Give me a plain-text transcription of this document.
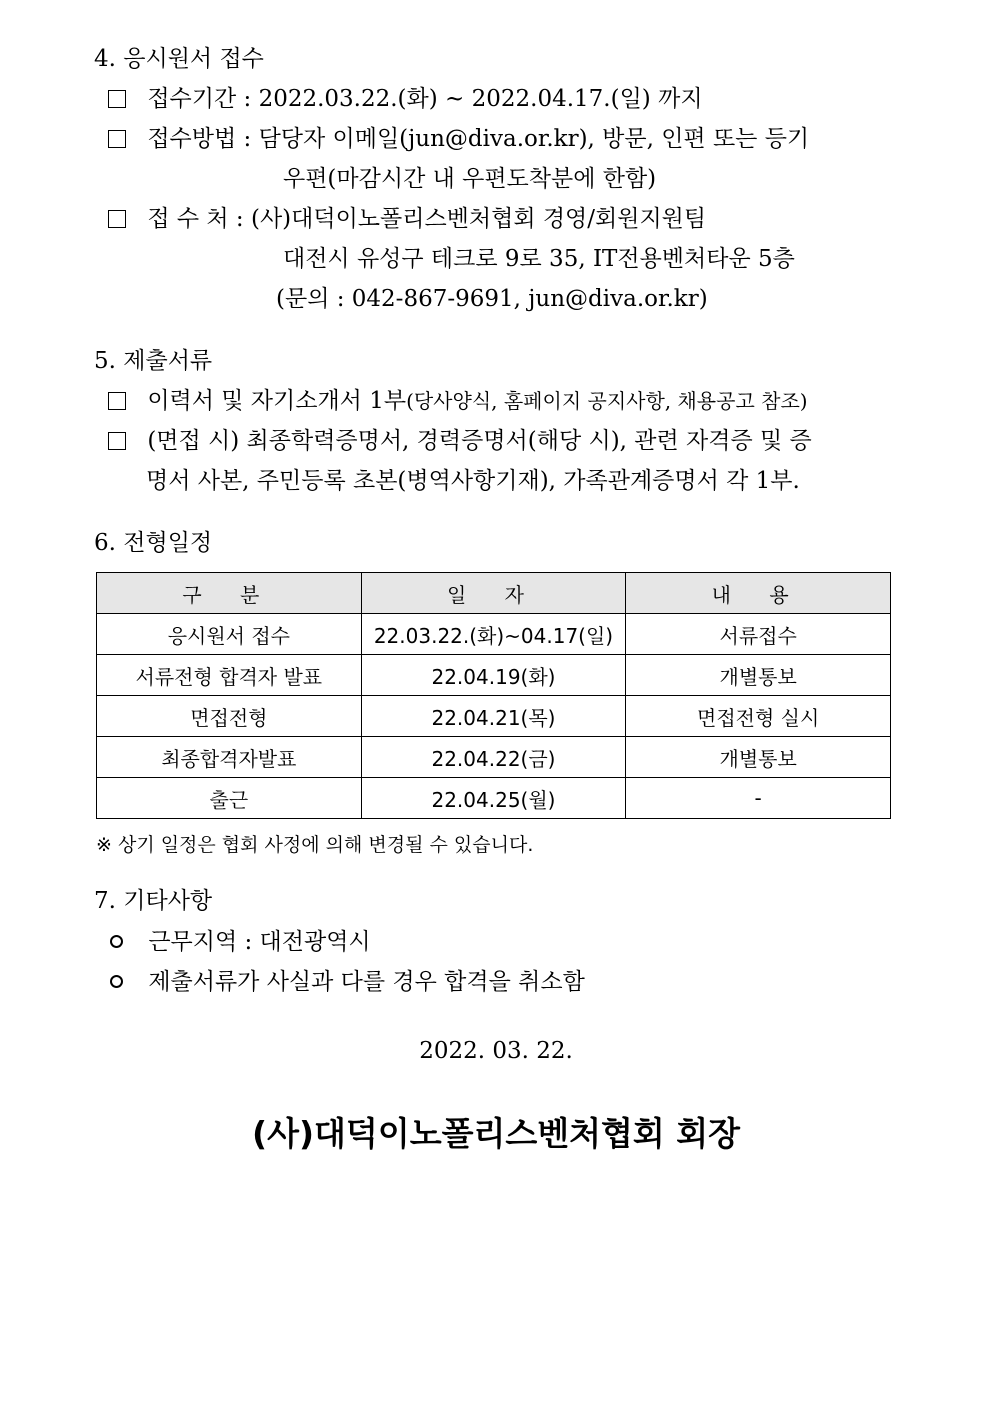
4. 응시원서 접수
접수기간 : 2022.03.22.(화) ~ 2022.04.17.(일) 까지
접수방법 : 담당자 이메일(jun@diva.or.kr), 방문, 인편 또는 등기
우편(마감시간 내 우편도착분에 한함)
접 수 처 : (사)대덕이노폴리스벤처협회 경영/회원지원팀
대전시 유성구 테크로 9로 35, IT전용벤처타운 5층
(문의 : 042-867-9691, jun@diva.or.kr)
5. 제출서류
이력서 및 자기소개서 1부(당사양식, 홈페이지 공지사항, 채용공고 참조)
(면접 시) 최종학력증명서, 경력증명서(해당 시), 관련 자격증 및 증
명서 사본, 주민등록 초본(병역사항기재), 가족관계증명서 각 1부.
6. 전형일정
구 분	일 자	내 용
응시원서 접수	22.03.22.(화)~04.17(일)	서류접수
서류전형 합격자 발표	22.04.19(화)	개별통보
면접전형	22.04.21(목)	면접전형 실시
최종합격자발표	22.04.22(금)	개별통보
출근	22.04.25(월)	-
※ 상기 일정은 협회 사정에 의해 변경될 수 있습니다.
7. 기타사항
근무지역 : 대전광역시
제출서류가 사실과 다를 경우 합격을 취소함
2022. 03. 22.
(사)대덕이노폴리스벤처협회 회장
